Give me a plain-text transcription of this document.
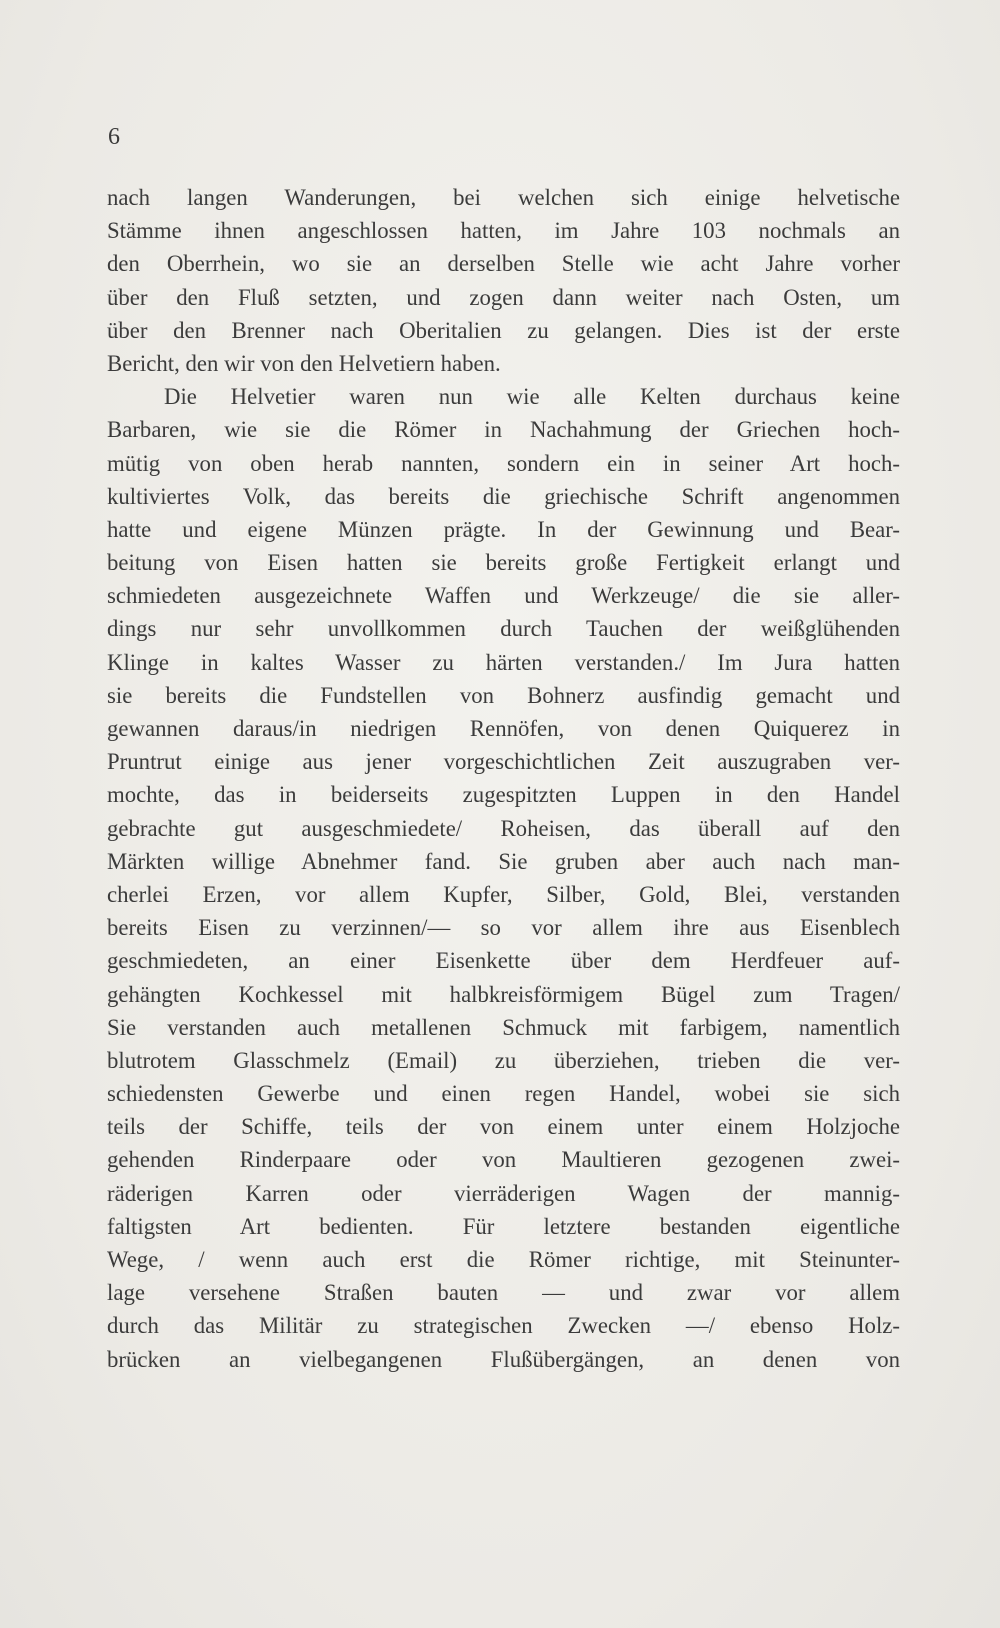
6
nach langen Wanderungen, bei welchen sich einige helvetische
Stämme ihnen angeschlossen hatten, im Jahre 103 nochmals an
den Oberrhein, wo sie an derselben Stelle wie acht Jahre vorher
über den Fluß setzten, und zogen dann weiter nach Osten, um
über den Brenner nach Oberitalien zu gelangen. Dies ist der erste
Bericht, den wir von den Helvetiern haben.
Die Helvetier waren nun wie alle Kelten durchaus keine
Barbaren, wie sie die Römer in Nachahmung der Griechen hoch-
mütig von oben herab nannten, sondern ein in seiner Art hoch-
kultiviertes Volk, das bereits die griechische Schrift angenommen
hatte und eigene Münzen prägte. In der Gewinnung und Bear-
beitung von Eisen hatten sie bereits große Fertigkeit erlangt und
schmiedeten ausgezeichnete Waffen und Werkzeuge/ die sie aller-
dings nur sehr unvollkommen durch Tauchen der weißglühenden
Klinge in kaltes Wasser zu härten verstanden./ Im Jura hatten
sie bereits die Fundstellen von Bohnerz ausfindig gemacht und
gewannen daraus/in niedrigen Rennöfen, von denen Quiquerez in
Pruntrut einige aus jener vorgeschichtlichen Zeit auszugraben ver-
mochte, das in beiderseits zugespitzten Luppen in den Handel
gebrachte gut ausgeschmiedete/ Roheisen, das überall auf den
Märkten willige Abnehmer fand. Sie gruben aber auch nach man-
cherlei Erzen, vor allem Kupfer, Silber, Gold, Blei, verstanden
bereits Eisen zu verzinnen/— so vor allem ihre aus Eisenblech
geschmiedeten, an einer Eisenkette über dem Herdfeuer auf-
gehängten Kochkessel mit halbkreisförmigem Bügel zum Tragen/
Sie verstanden auch metallenen Schmuck mit farbigem, namentlich
blutrotem Glasschmelz (Email) zu überziehen, trieben die ver-
schiedensten Gewerbe und einen regen Handel, wobei sie sich
teils der Schiffe, teils der von einem unter einem Holzjoche
gehenden Rinderpaare oder von Maultieren gezogenen zwei-
räderigen Karren oder vierräderigen Wagen der mannig-
faltigsten Art bedienten. Für letztere bestanden eigentliche
Wege, / wenn auch erst die Römer richtige, mit Steinunter-
lage versehene Straßen bauten — und zwar vor allem
durch das Militär zu strategischen Zwecken —/ ebenso Holz-
brücken an vielbegangenen Flußübergängen, an denen von
